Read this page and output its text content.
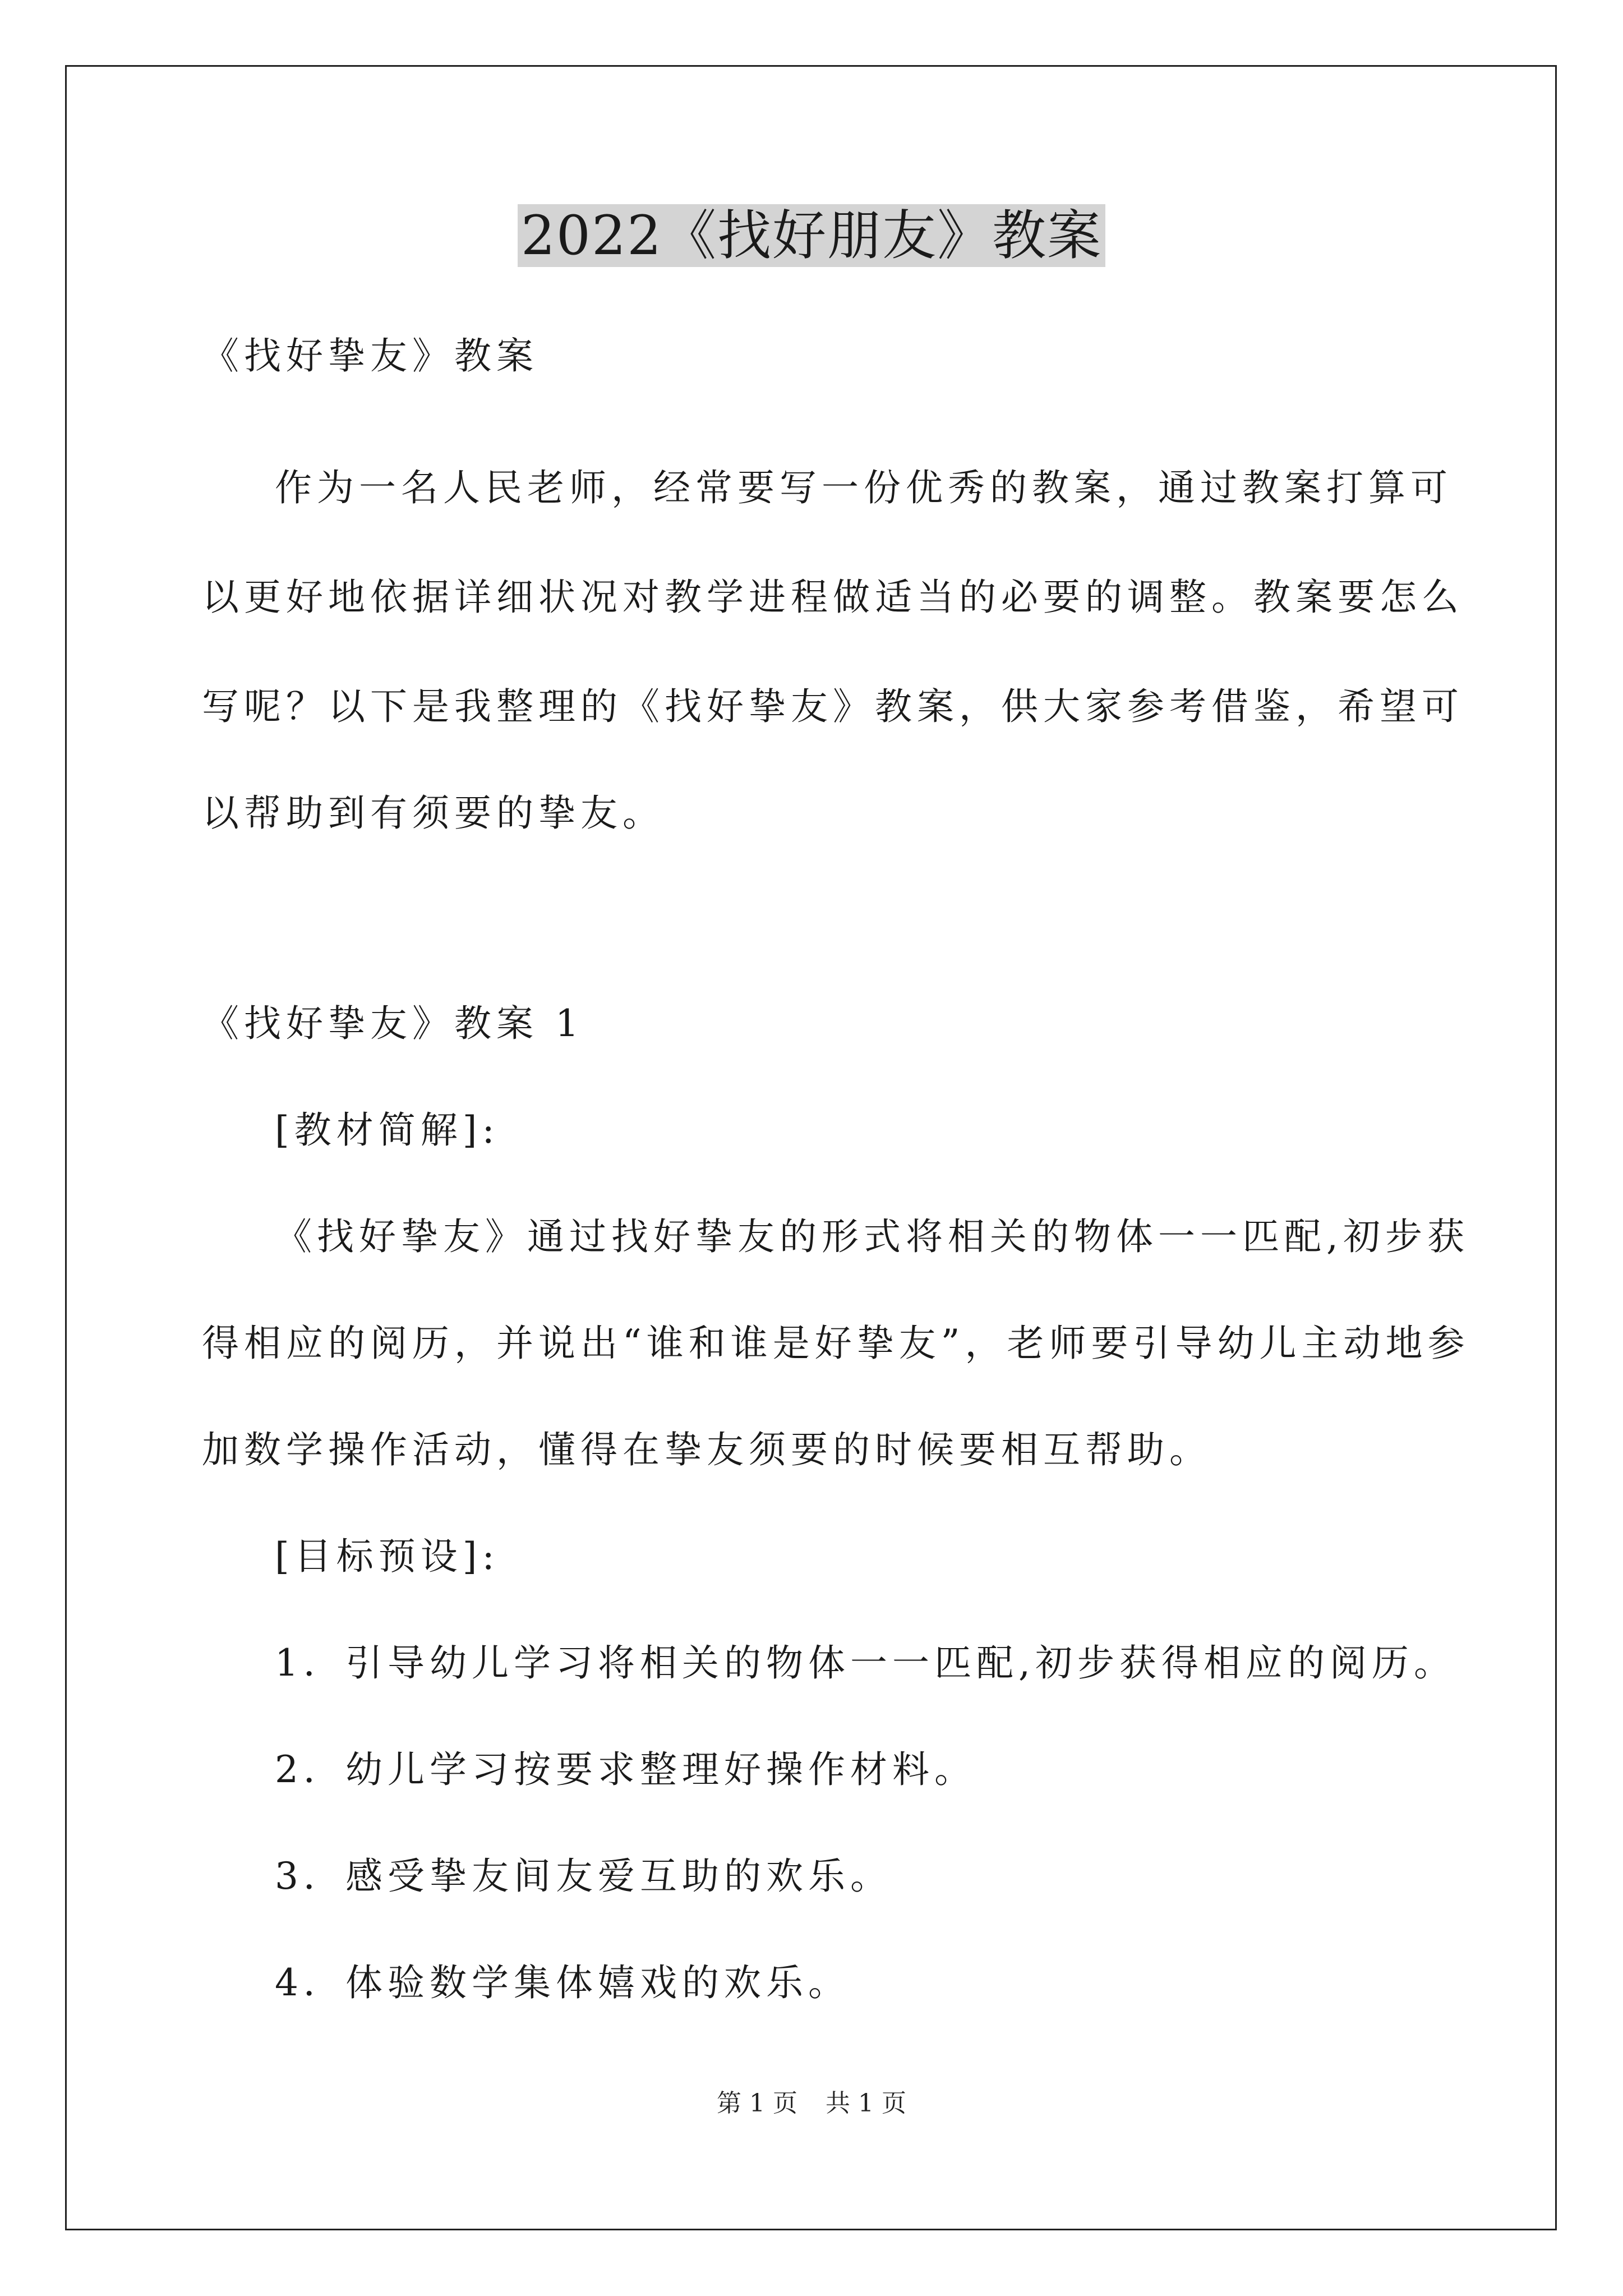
2022《找好朋友》教案
《找好挚友》教案
作为一名人民老师，经常要写一份优秀的教案，通过教案打算可
以更好地依据详细状况对教学进程做适当的必要的调整。教案要怎么
写呢？以下是我整理的《找好挚友》教案，供大家参考借鉴，希望可
以帮助到有须要的挚友。
《找好挚友》教案 1
[教材简解]:
《找好挚友》通过找好挚友的形式将相关的物体一一匹配,初步获
得相应的阅历，并说出“谁和谁是好挚友”，老师要引导幼儿主动地参
加数学操作活动，懂得在挚友须要的时候要相互帮助。
[目标预设]:
1．引导幼儿学习将相关的物体一一匹配,初步获得相应的阅历。
2．幼儿学习按要求整理好操作材料。
3．感受挚友间友爱互助的欢乐。
4．体验数学集体嬉戏的欢乐。
第 1 页 共 1 页
